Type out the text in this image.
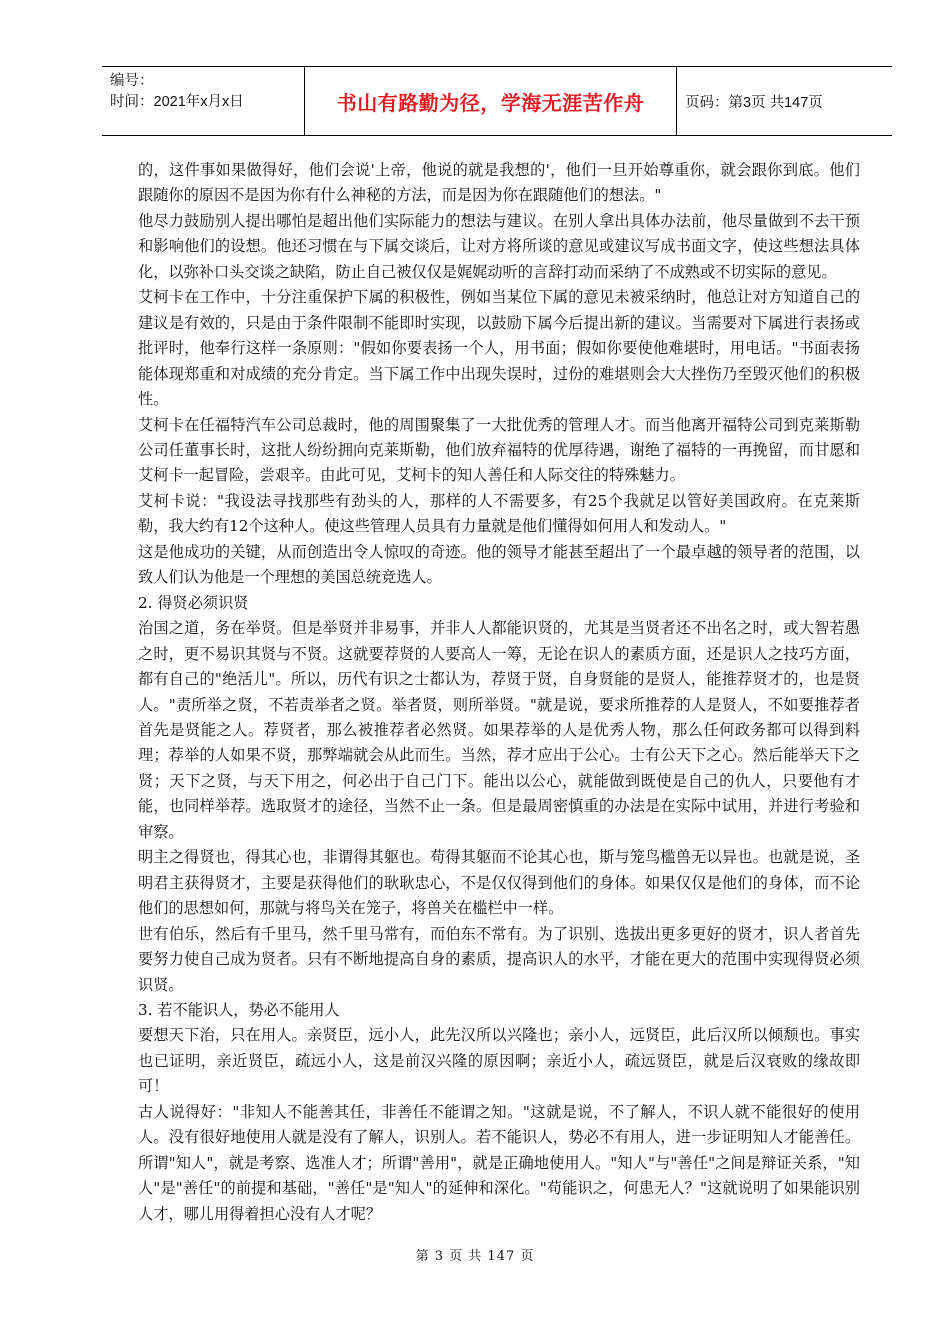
编号：
时间：2021年x月x日	书山有路勤为径，学海无涯苦作舟	页码：第3页 共147页

的，这件事如果做得好，他们会说'上帝，他说的就是我想的'，他们一旦开始尊重你，就会跟你到底。他们跟随你的原因不是因为你有什么神秘的方法，而是因为你在跟随他们的想法。"

他尽力鼓励别人提出哪怕是超出他们实际能力的想法与建议。在别人拿出具体办法前，他尽量做到不去干预和影响他们的设想。他还习惯在与下属交谈后，让对方将所谈的意见或建议写成书面文字，使这些想法具体化，以弥补口头交谈之缺陷，防止自己被仅仅是娓娓动听的言辞打动而采纳了不成熟或不切实际的意见。

艾柯卡在工作中，十分注重保护下属的积极性，例如当某位下属的意见未被采纳时，他总让对方知道自己的建议是有效的，只是由于条件限制不能即时实现，以鼓励下属今后提出新的建议。当需要对下属进行表扬或批评时，他奉行这样一条原则："假如你要表扬一个人，用书面；假如你要使他难堪时，用电话。"书面表扬能体现郑重和对成绩的充分肯定。当下属工作中出现失误时，过份的难堪则会大大挫伤乃至毁灭他们的积极性。

艾柯卡在任福特汽车公司总裁时，他的周围聚集了一大批优秀的管理人才。而当他离开福特公司到克莱斯勒公司任董事长时，这批人纷纷拥向克莱斯勒，他们放弃福特的优厚待遇，谢绝了福特的一再挽留，而甘愿和艾柯卡一起冒险，尝艰辛。由此可见，艾柯卡的知人善任和人际交往的特殊魅力。

艾柯卡说："我设法寻找那些有劲头的人，那样的人不需要多，有25个我就足以管好美国政府。在克莱斯勒，我大约有12个这种人。使这些管理人员具有力量就是他们懂得如何用人和发动人。"

这是他成功的关键，从而创造出令人惊叹的奇迹。他的领导才能甚至超出了一个最卓越的领导者的范围，以致人们认为他是一个理想的美国总统竞选人。

2. 得贤必须识贤

治国之道，务在举贤。但是举贤并非易事，并非人人都能识贤的，尤其是当贤者还不出名之时，或大智若愚之时，更不易识其贤与不贤。这就要荐贤的人要高人一筹，无论在识人的素质方面，还是识人之技巧方面，都有自己的"绝活儿"。所以，历代有识之士都认为，荐贤于贤，自身贤能的是贤人，能推荐贤才的，也是贤人。"责所举之贤，不若责举者之贤。举者贤，则所举贤。"就是说，要求所推荐的人是贤人，不如要推荐者首先是贤能之人。荐贤者，那么被推荐者必然贤。如果荐举的人是优秀人物，那么任何政务都可以得到料理；荐举的人如果不贤，那弊端就会从此而生。当然，荐才应出于公心。士有公天下之心。然后能举天下之贤；天下之贤，与天下用之，何必出于自己门下。能出以公心，就能做到既使是自己的仇人，只要他有才能，也同样举荐。选取贤才的途径，当然不止一条。但是最周密慎重的办法是在实际中试用，并进行考验和审察。

明主之得贤也，得其心也，非谓得其躯也。苟得其躯而不论其心也，斯与笼鸟槛兽无以异也。也就是说，圣明君主获得贤才，主要是获得他们的耿耿忠心，不是仅仅得到他们的身体。如果仅仅是他们的身体，而不论他们的思想如何，那就与将鸟关在笼子，将兽关在槛栏中一样。

世有伯乐，然后有千里马，然千里马常有，而伯东不常有。为了识别、选拔出更多更好的贤才，识人者首先要努力使自己成为贤者。只有不断地提高自身的素质，提高识人的水平，才能在更大的范围中实现得贤必须识贤。

3. 若不能识人，势必不能用人

要想天下治，只在用人。亲贤臣，远小人，此先汉所以兴隆也；亲小人，远贤臣，此后汉所以倾颓也。事实也已证明，亲近贤臣，疏远小人，这是前汉兴隆的原因啊；亲近小人，疏远贤臣，就是后汉衰败的缘故即可！

古人说得好："非知人不能善其任，非善任不能谓之知。"这就是说，不了解人，不识人就不能很好的使用人。没有很好地使用人就是没有了解人，识别人。若不能识人，势必不有用人，进一步证明知人才能善任。所谓"知人"，就是考察、选准人才；所谓"善用"，就是正确地使用人。"知人"与"善任"之间是辩证关系，"知人"是"善任"的前提和基础，"善任"是"知人"的延伸和深化。"苟能识之，何患无人？"这就说明了如果能识别人才，哪儿用得着担心没有人才呢？

第 3 页 共 147 页
